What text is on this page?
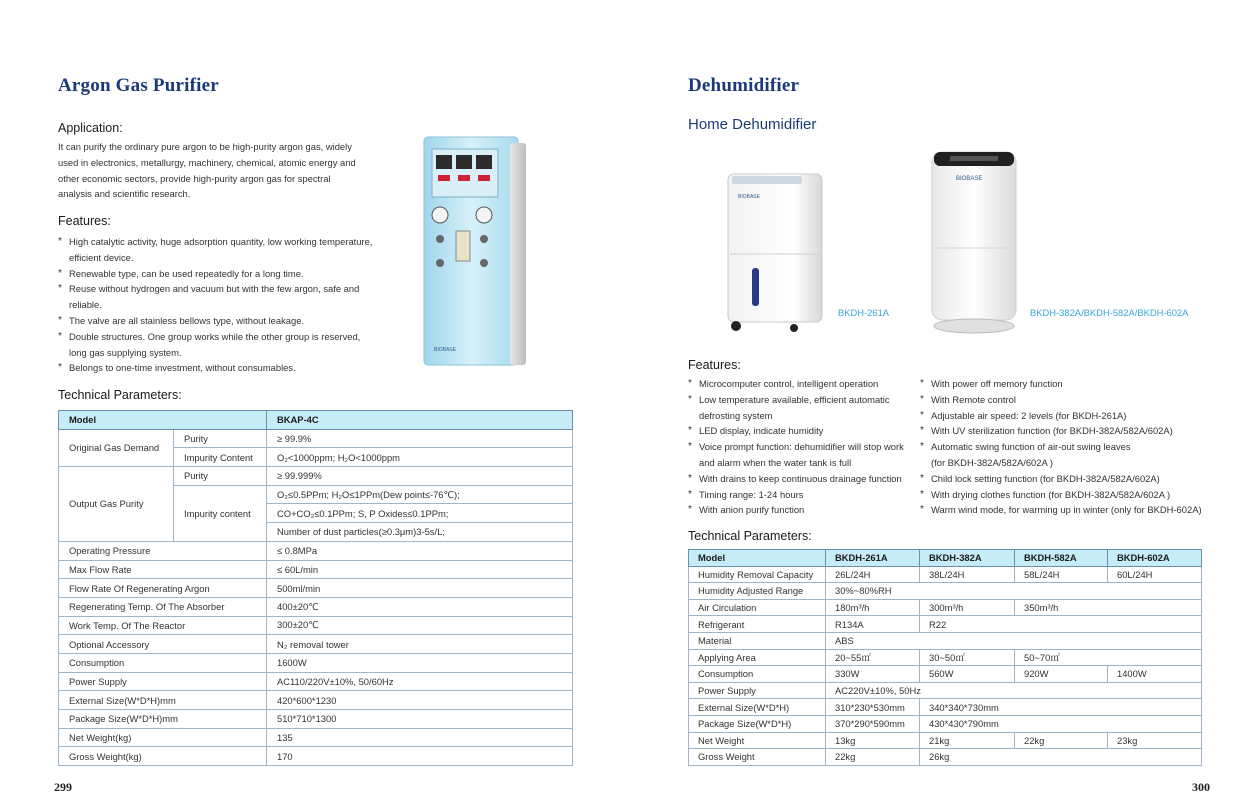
Argon Gas Purifier
Application:
It can purify the ordinary pure argon to be high-purity argon gas, widely
used in electronics, metallurgy, machinery, chemical, atomic energy and
other economic sectors, provide high-purity argon gas for spectral
analysis and scientific research.
Features:
* High catalytic activity, huge adsorption quantity, low working temperature,
efficient device.
* Renewable type, can be used repeatedly for a long time.
* Reuse without hydrogen and vacuum but with the few argon, safe and
reliable.
* The valve are all stainless bellows type, without leakage.
* Double structures. One group works while the other group is reserved,
long gas supplying system.
* Belongs to one-time investment, without consumables.
BIOBASE
Technical Parameters:
Model		BKAP-4C
Original Gas Demand	Purity	≥ 99.9%
	Impurity Content	O₂<1000ppm; H₂O<1000ppm
Output Gas Purity	Purity	≥ 99.999%
	Impurity content	O₂≤0.5PPm; H₂O≤1PPm(Dew point≤-76℃);
		CO+CO₂≤0.1PPm; S, P Oxides≤0.1PPm;
		Number of dust particles(≥0.3μm)3-5s/L;
Operating Pressure		≤ 0.8MPa
Max Flow Rate		≤ 60L/min
Flow Rate Of Regenerating Argon		500ml/min
Regenerating Temp. Of The Absorber		400±20℃
Work Temp. Of The Reactor		300±20℃
Optional Accessory		N₂ removal tower
Consumption		1600W
Power Supply		AC110/220V±10%, 50/60Hz
External Size(W*D*H)mm		420*600*1230
Package Size(W*D*H)mm		510*710*1300
Net Weight(kg)		135
Gross Weight(kg)		170
299
Dehumidifier
Home Dehumidifier
BIOBASE
BKDH-261A
BIOBASE
BKDH-382A/BKDH-582A/BKDH-602A
Features:
* Microcomputer control, intelligent operation
* Low temperature available, efficient automatic
defrosting system
* LED display, indicate humidity
* Voice prompt function: dehumidifier will stop work
and alarm when the water tank is full
* With drains to keep continuous drainage function
* Timing range: 1-24 hours
* With anion purify function
* With power off memory function
* With Remote control
* Adjustable air speed: 2 levels (for BKDH-261A)
* With UV sterilization function (for BKDH-382A/582A/602A)
* Automatic swing function of air-out swing leaves
(for BKDH-382A/582A/602A )
* Child lock setting function (for BKDH-382A/582A/602A)
* With drying clothes function (for BKDH-382A/582A/602A )
* Warm wind mode, for warming up in winter (only for BKDH-602A)
Technical Parameters:
Model	BKDH-261A	BKDH-382A	BKDH-582A	BKDH-602A
Humidity Removal Capacity	26L/24H	38L/24H	58L/24H	60L/24H
Humidity Adjusted Range	30%~80%RH			
Air Circulation	180m³/h	300m³/h	350m³/h	
Refrigerant	R134A	R22		
Material	ABS			
Applying Area	20~55㎡	30~50㎡	50~70㎡	
Consumption	330W	560W	920W	1400W
Power Supply	AC220V±10%, 50Hz			
External Size(W*D*H)	310*230*530mm	340*340*730mm		
Package Size(W*D*H)	370*290*590mm	430*430*790mm		
Net Weight	13kg	21kg	22kg	23kg
Gross Weight	22kg	26kg		
300
